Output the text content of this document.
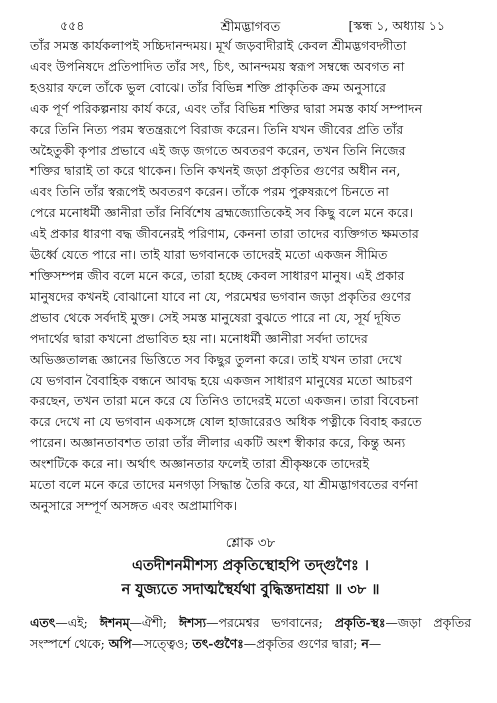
৫৫৪	শ্রীমদ্ভাগবত	[স্কন্ধ ১, অধ্যায় ১১

তাঁর সমস্ত কার্যকলাপই সচ্চিদানন্দময়। মূর্খ জড়বাদীরাই কেবল শ্রীমদ্ভগবদ্গীতা

এবং উপনিষদে প্রতিপাদিত তাঁর সৎ, চিৎ, আনন্দময় স্বরূপ সম্বন্ধে অবগত না

হওয়ার ফলে তাঁকে ভুল বোঝে। তাঁর বিভিন্ন শক্তি প্রাকৃতিক ক্রম অনুসারে

এক পূর্ণ পরিকল্পনায় কার্য করে, এবং তাঁর বিভিন্ন শক্তির দ্বারা সমস্ত কার্য সম্পাদন

করে তিনি নিত্য পরম স্বতন্ত্ররূপে বিরাজ করেন। তিনি যখন জীবের প্রতি তাঁর

অহৈতুকী কৃপার প্রভাবে এই জড় জগতে অবতরণ করেন, তখন তিনি নিজের

শক্তির দ্বারাই তা করে থাকেন। তিনি কখনই জড়া প্রকৃতির গুণের অধীন নন,

এবং তিনি তাঁর স্বরূপেই অবতরণ করেন। তাঁকে পরম পুরুষরূপে চিনতে না

পেরে মনোধর্মী জ্ঞানীরা তাঁর নির্বিশেষ ব্রহ্মজ্যোতিকেই সব কিছু বলে মনে করে।

এই প্রকার ধারণা বদ্ধ জীবনেরই পরিণাম, কেননা তারা তাদের ব্যক্তিগত ক্ষমতার

ঊর্ধ্বে যেতে পারে না। তাই যারা ভগবানকে তাদেরই মতো একজন সীমিত

শক্তিসম্পন্ন জীব বলে মনে করে, তারা হচ্ছে কেবল সাধারণ মানুষ। এই প্রকার

মানুষদের কখনই বোঝানো যাবে না যে, পরমেশ্বর ভগবান জড়া প্রকৃতির গুণের

প্রভাব থেকে সর্বদাই মুক্ত। সেই সমস্ত মানুষেরা বুঝতে পারে না যে, সূর্য দূষিত

পদার্থের দ্বারা কখনো প্রভাবিত হয় না। মনোধর্মী জ্ঞানীরা সর্বদা তাদের

অভিজ্ঞতালব্ধ জ্ঞানের ভিত্তিতে সব কিছুর তুলনা করে। তাই যখন তারা দেখে

যে ভগবান বৈবাহিক বন্ধনে আবদ্ধ হয়ে একজন সাধারণ মানুষের মতো আচরণ

করছেন, তখন তারা মনে করে যে তিনিও তাদেরই মতো একজন। তারা বিবেচনা

করে দেখে না যে ভগবান একসঙ্গে ষোল হাজারেরও অধিক পত্নীকে বিবাহ করতে

পারেন। অজ্ঞানতাবশত তারা তাঁর লীলার একটি অংশ স্বীকার করে, কিন্তু অন্য

অংশটিকে করে না। অর্থাৎ অজ্ঞানতার ফলেই তারা শ্রীকৃষ্ণকে তাদেরই

মতো বলে মনে করে তাদের মনগড়া সিদ্ধান্ত তৈরি করে, যা শ্রীমদ্ভাগবতের বর্ণনা

অনুসারে সম্পূর্ণ অসঙ্গত এবং অপ্রামাণিক।

শ্লোক ৩৮
এতদীশনমীশস্য প্রকৃতিস্থোহপি তদ্গুণৈঃ ।
ন যুজ্যতে সদাত্মস্থৈর্যথা বুদ্ধিস্তদাশ্রয়া ॥ ৩৮ ॥
এতৎ—এই; ঈশনম্—ঐশী; ঈশস্য—পরমেশ্বর ভগবানের; প্রকৃতি-স্থঃ—জড়া প্রকৃতির সংস্পর্শে থেকে; অপি—সত্ত্বেও; তৎ-গুণৈঃ—প্রকৃতির গুণের দ্বারা; ন—
